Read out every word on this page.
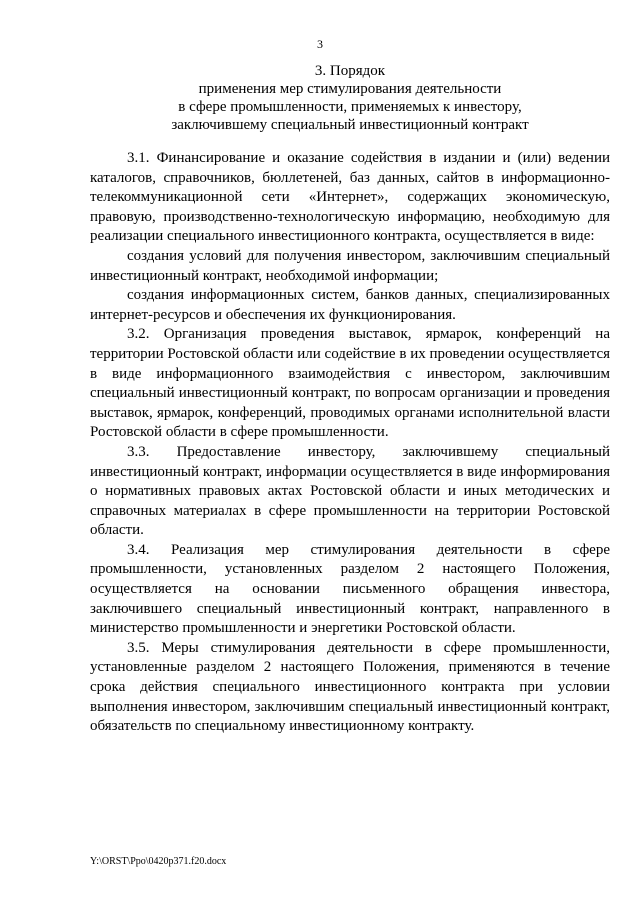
3
3. Порядок
применения мер стимулирования деятельности
в сфере промышленности, применяемых к инвестору,
заключившему специальный инвестиционный контракт

3.1. Финансирование и оказание содействия в издании и (или) ведении каталогов, справочников, бюллетеней, баз данных, сайтов в информационно-телекоммуникационной сети «Интернет», содержащих экономическую, правовую, производственно-технологическую информацию, необходимую для реализации специального инвестиционного контракта, осуществляется в виде:

создания условий для получения инвестором, заключившим специальный инвестиционный контракт, необходимой информации;

создания информационных систем, банков данных, специализированных интернет-ресурсов и обеспечения их функционирования.

3.2. Организация проведения выставок, ярмарок, конференций на территории Ростовской области или содействие в их проведении осуществляется в виде информационного взаимодействия с инвестором, заключившим специальный инвестиционный контракт, по вопросам организации и проведения выставок, ярмарок, конференций, проводимых органами исполнительной власти Ростовской области в сфере промышленности.

3.3. Предоставление инвестору, заключившему специальный инвестиционный контракт, информации осуществляется в виде информирования о нормативных правовых актах Ростовской области и иных методических и справочных материалах в сфере промышленности на территории Ростовской области.

3.4. Реализация мер стимулирования деятельности в сфере промышленности, установленных разделом 2 настоящего Положения, осуществляется на основании письменного обращения инвестора, заключившего специальный инвестиционный контракт, направленного в министерство промышленности и энергетики Ростовской области.

3.5. Меры стимулирования деятельности в сфере промышленности, установленные разделом 2 настоящего Положения, применяются в течение срока действия специального инвестиционного контракта при условии выполнения инвестором, заключившим специальный инвестиционный контракт, обязательств по специальному инвестиционному контракту.

Y:\ORST\Ppo\0420p371.f20.docx
